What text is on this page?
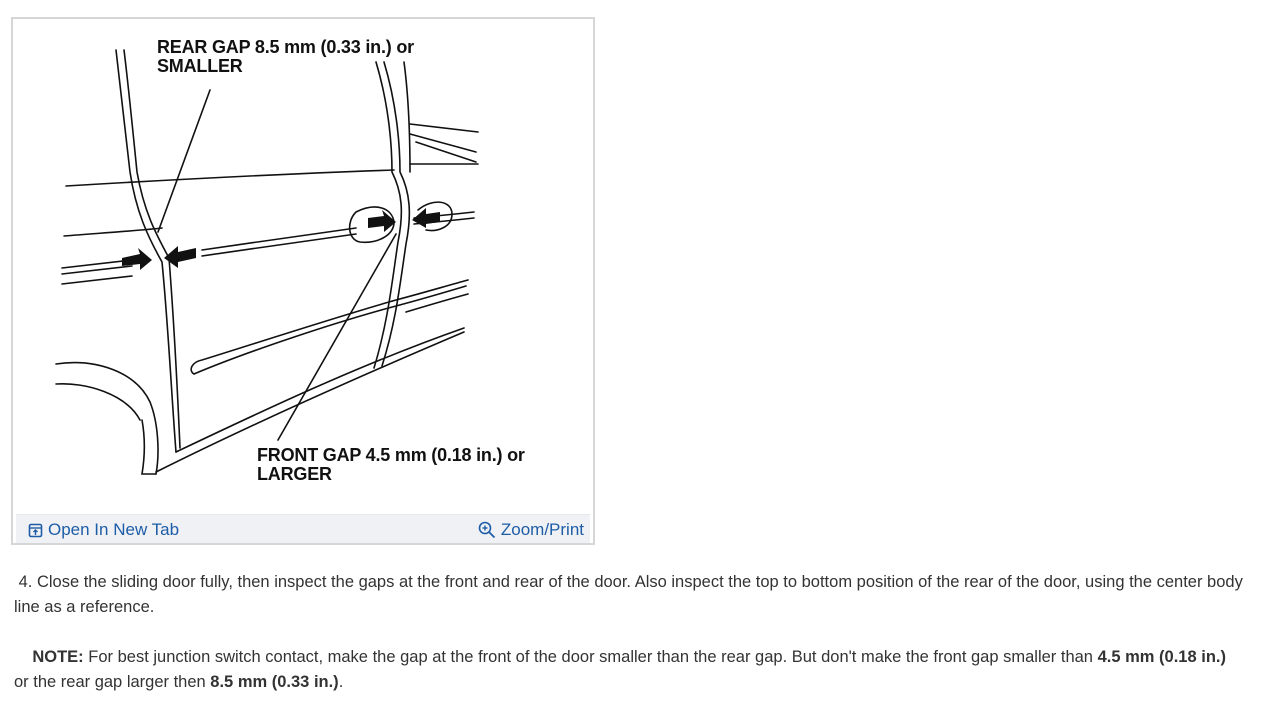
REAR GAP 8.5 mm (0.33 in.) or
SMALLER
FRONT GAP 4.5 mm (0.18 in.) or
LARGER
Open In New Tab	Zoom/Print
4. Close the sliding door fully, then inspect the gaps at the front and rear of the door. Also inspect the top to bottom position of the rear of the door, using the center body line as a reference.
NOTE: For best junction switch contact, make the gap at the front of the door smaller than the rear gap. But don't make the front gap smaller than 4.5 mm (0.18 in.) or the rear gap larger then 8.5 mm (0.33 in.).
